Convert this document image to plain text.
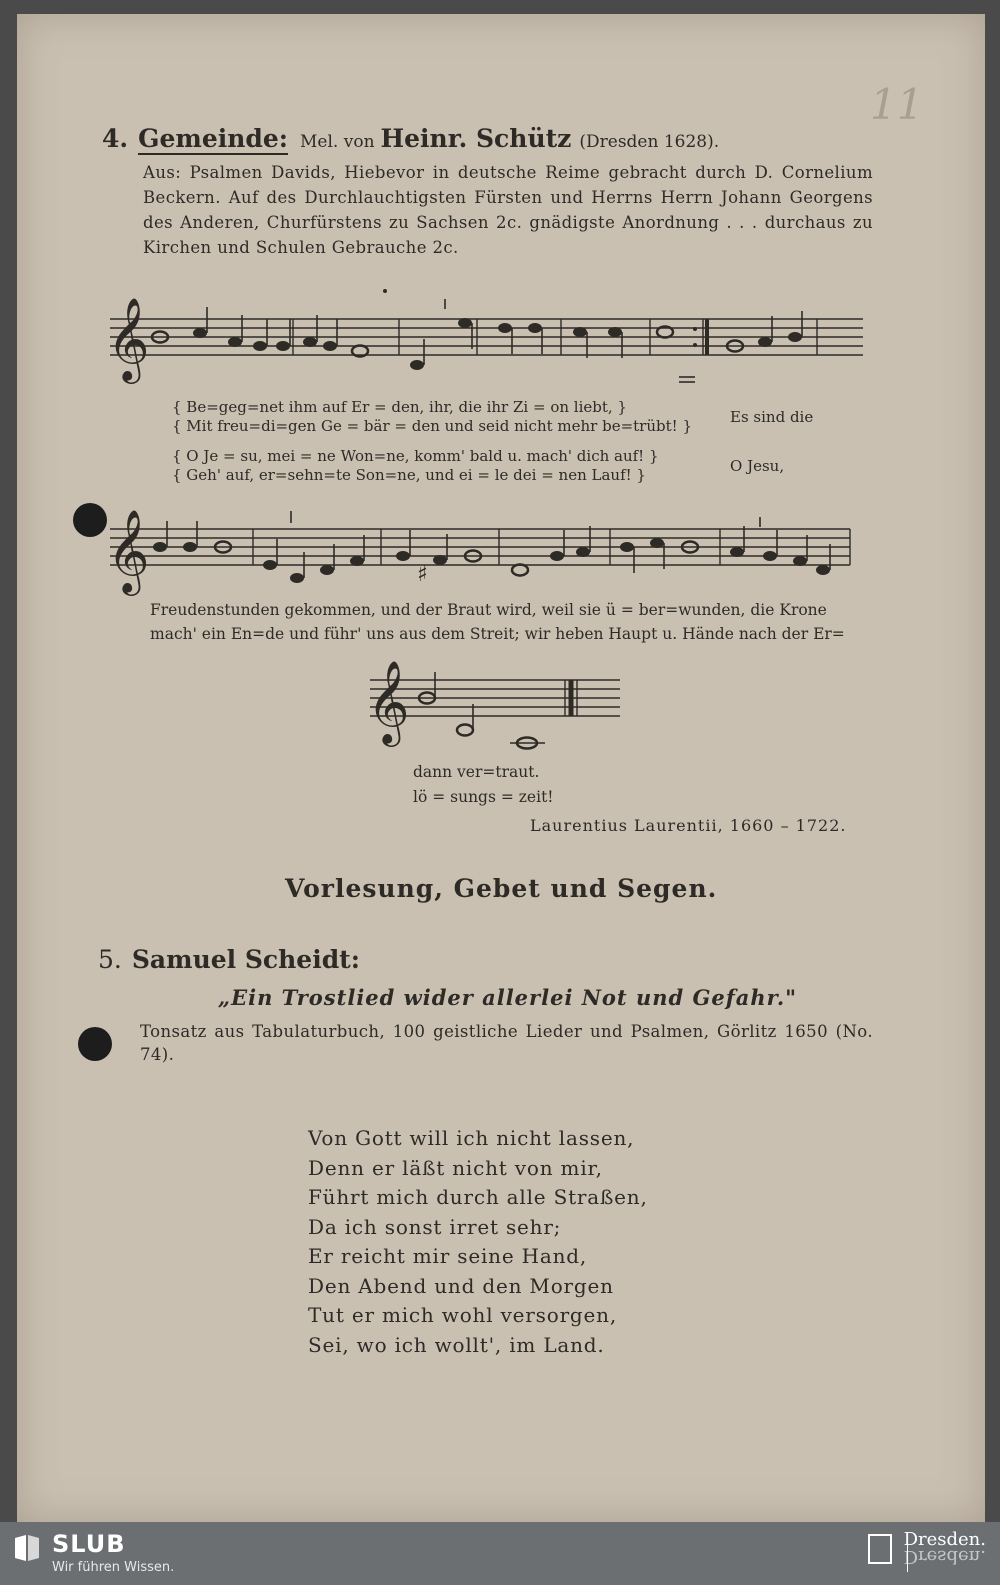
11
4. Gemeinde: Mel. von Heinr. Schütz (Dresden 1628).
Aus: Psalmen Davids, Hiebevor in deutsche Reime gebracht durch D. Cornelium Beckern. Auf des Durchlauchtigsten Fürsten und Herrns Herrn Johann Georgens des Anderen, Churfürstens zu Sachsen 2c. gnädigste Anordnung . . . durchaus zu Kirchen und Schulen Gebrauche 2c.
𝄞
{ Be=geg=net ihm auf Er = den, ihr, die ihr Zi = on liebt, }
{ Mit freu=di=gen Ge = bär = den und seid nicht mehr be=trübt! }	Es sind die
{ O Je = su, mei = ne Won=ne, komm' bald u. mach' dich auf! }
{ Geh' auf, er=sehn=te Son=ne, und ei = le dei = nen Lauf! }	O Jesu,
𝄞	♯
Freudenstunden gekommen, und der Braut wird, weil sie ü = ber=wunden, die Krone
mach' ein En=de und führ' uns aus dem Streit; wir heben Haupt u. Hände nach der Er=
𝄞
dann ver=traut.
lö = sungs = zeit!
Laurentius Laurentii, 1660 – 1722.
Vorlesung, Gebet und Segen.
5. Samuel Scheidt:
„Ein Trostlied wider allerlei Not und Gefahr."
Tonsatz aus Tabulaturbuch, 100 geistliche Lieder und Psalmen, Görlitz 1650 (No. 74).
Von Gott will ich nicht lassen,
Denn er läßt nicht von mir,
Führt mich durch alle Straßen,
Da ich sonst irret sehr;
Er reicht mir seine Hand,
Den Abend und den Morgen
Tut er mich wohl versorgen,
Sei, wo ich wollt', im Land.
SLUB
Wir führen Wissen.
Dresden.
Dresden.
